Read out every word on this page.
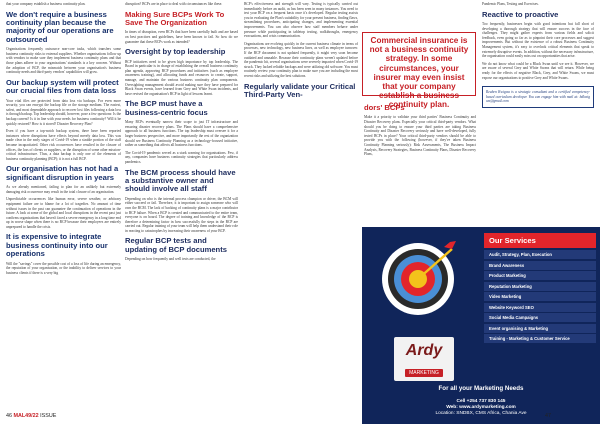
that your company establish a business continuity plan.

We don't require a business continuity plan because the majority of our operations are outsourced

Organisations frequently outsource non-core tasks, which transfers some business continuity risks to external suppliers. Whether organisations follow up with vendors to make sure they implement business continuity plans and that those plans adhere to your organisations' standards is a key concern. Without the adoption of BCP, the mismatch between your organisation's business continuity needs and third-party vendors' capabilities will grow.

Our backup system will protect our crucial files from data loss

Your vital files are protected from data loss via backups. For even more security, you can encrypt the backup file or the storage medium. The easiest, safest, and most dependable approach to recover lost files following a data loss is through backup. Top leadership should, however, pose a few questions: Is the backup current? Is it in line with your needs for business continuity? Will it be quickly restored? How is it stored? Disaster Recovery Plan?

Even if you have a top-notch backup system, there have been reported instances where disruptions have effects beyond merely data loss. This was made clear in the early stages of Covid-19 when a sizable portion of the staff became incapacitated. Other risk occurrences have resulted in the closure of offices, the loss of clients or suppliers, or the disruption of some other mission-critical infrastructure. Thus, a data backup is only one of the elements of business continuity planning (BCP); it is not a full BCP.

Our organisation has not had a significant disruption in years

As we already mentioned, failing to plan for an unlikely but extremely damaging risk occurrence may result in the total closure of an organisation.

Unpredictable occurrences like human error, severe weather, or arbitrary equipment failure are to blame for a lot of tragedies. No amount of time without issues in the past can guarantee the continuation of operations in the future. A look at some of the global and local disruptions in the recent past just confirms organisations that haven't faced a severe emergency in a long time end up in worse shape when there is no BCP because their employees are entirely unprepared to handle the crisis.

It is expensive to integrate business continuity into our operations

Will the "savings" cover the possible cost of a loss of life during an emergency, the reputation of your organisation, or the inability to deliver services to your business clients if there is a very big

disruption? BCPs are in place to deal with circumstances like these.

Making Sure BCPs Work To Save The Organization

In times of disruption, even BCPs that have been carefully built and are based on best practices and guidelines, have been known to fail. So how do we guarantee that these BCPs work as intended?

Oversight by top leadership

BCP initiatives need to be given high importance by top leadership. The Board in particular is in charge of establishing the overall business continuity plan agenda, approving BCP procedures and initiatives (such as employee awareness training), and allocating funds and resources to create, support, manage, and maintain the various business continuity plan components. Oversighting management should avoid making sure they have prepared for Black Swan events, have learned from Grey and White Swan incidents, and have revised the organisation's BCP in light of lessons learnt.

The BCP must have a business-centric focus

Many BCPs eventually narrow their scope to just IT infrastructure and ensuring disaster recovery plans. The Plans should have a comprehensive approach to all business functions. The top leadership must oversee it for a larger business perspective, and more importantly the rest of the organization should see Business Continuity Planning as a technology-focused initiative, rather as something that affects all business functions.

The Covid-19 pandemic served as a stark warning for organisations. Few, if any, companies have business continuity strategies that particularly address pandemics.

The BCM process should have a substantive owner and should involve all staff

Depending on who is the internal process champion or driver, the BCM will either succeed or fail. Therefore, it is important to assign someone who will own the BCM. The lack of backing of continuity plans is a major contributor to BCP failure. When a BCP is created and communicated to the entire team, everyone is on board. The degree of training and knowledge of the BCP is therefore a determining factor in how successfully the steps in the BCP are carried out. Regular training of your team will help them understand their role in reacting to catastrophes by increasing their awareness of your BCP.

Regular BCP tests and updating of BCP documents

Depending on how frequently and well tests are conducted, the

BCP's effectiveness and strength will vary. Testing is typically carried out immediately before an audit, as has been seen in many instances. You need to test your BCP on a frequent basis once it's developed. Regular testing assists you in evaluating the Plan's suitability for your present business, finding flaws, streamlining procedures, anticipating changes, and implementing essential improvements. You can also observe how staff members behave under pressure while participating in tabletop testing, walkthroughs, emergency evacuations, and crisis communication.

Organisations are evolving quickly in the current business climate in terms of processes, new technology, new business lines, as well as employee turnover. If the BCP document is not updated frequently, it might very soon become outdated and unusable. Because their continuity plans weren't updated before the pandemic hit, several organisations were severely impacted when Covid-19 struck. They lacked reliable backups and were utilizing old software. You must routinely review your continuity plan to make sure you are including the most recent risks and utilizing the best solutions.

Regularly validate your Critical Third-Party Ven-
Commercial insurance is not a business continuity strategy. In some circumstances, your insurer may even insist that your company establish a business continuity plan.
dors' BCPs

Make it a priority to validate your third parties' Business Continuity and Disaster Recovery plans. Especially your critical third-party vendors. What should you be doing to ensure your third parties are taking Business Continuity and Disaster Recovery seriously and have well-developed, fully tested BCPs in place? Your critical third-party vendors should be able to provide you with the following (however, if they've taken Business Continuity Planning seriously): Risk Assessments, The Business Impact Analysis, Recovery Strategies, Business Continuity Plans, Disaster Recovery Plans,

Pandemic Plans, Testing and Exercises.

Reactive to proactive

Too frequently, businesses begin with good intentions but fall short of developing a thorough strategy that will ensure success in the face of challenges. They might gather experts from various fields and solicit feedback, even going so far as to pinpoint their core processes and suggest improvements. But without the existence of a robust Business Continuity Management system, it's easy to overlook critical elements that speak to extremely disruptive events. In addition, without the necessary infrastructure, the organisation could easily miss out on opportunities that arise.

We do not know what could be a Black Swan until we see it. However, we are aware of several Grey and White Swans that will return. While being ready for the effects of negative Black, Grey, and White Swans, we must expose our organisations to positive Grey and White Swans.

Reuben Kwigwa is a strategic consultant and a certified competency-based curriculum developer. You can engage him with mail at: bdkwig wa@gmail.com

Ardy
MARKETING
Our Services
Audit, Strategy, Plan, Execution
Brand Awareness
Product Marketing
Reputation Marketing
Video Marketing
Website Keyword SEO
Social Media Campaigns
Event organising & Marketing
Training - Marketing & Customer Service
For all your Marketing Needs
Cell +254 737 830 145
Web: www.ardymarketing.com
Location: SNDBX, CMS Africa, Chania Ave
46 MAL49/22 ISSUE	47
